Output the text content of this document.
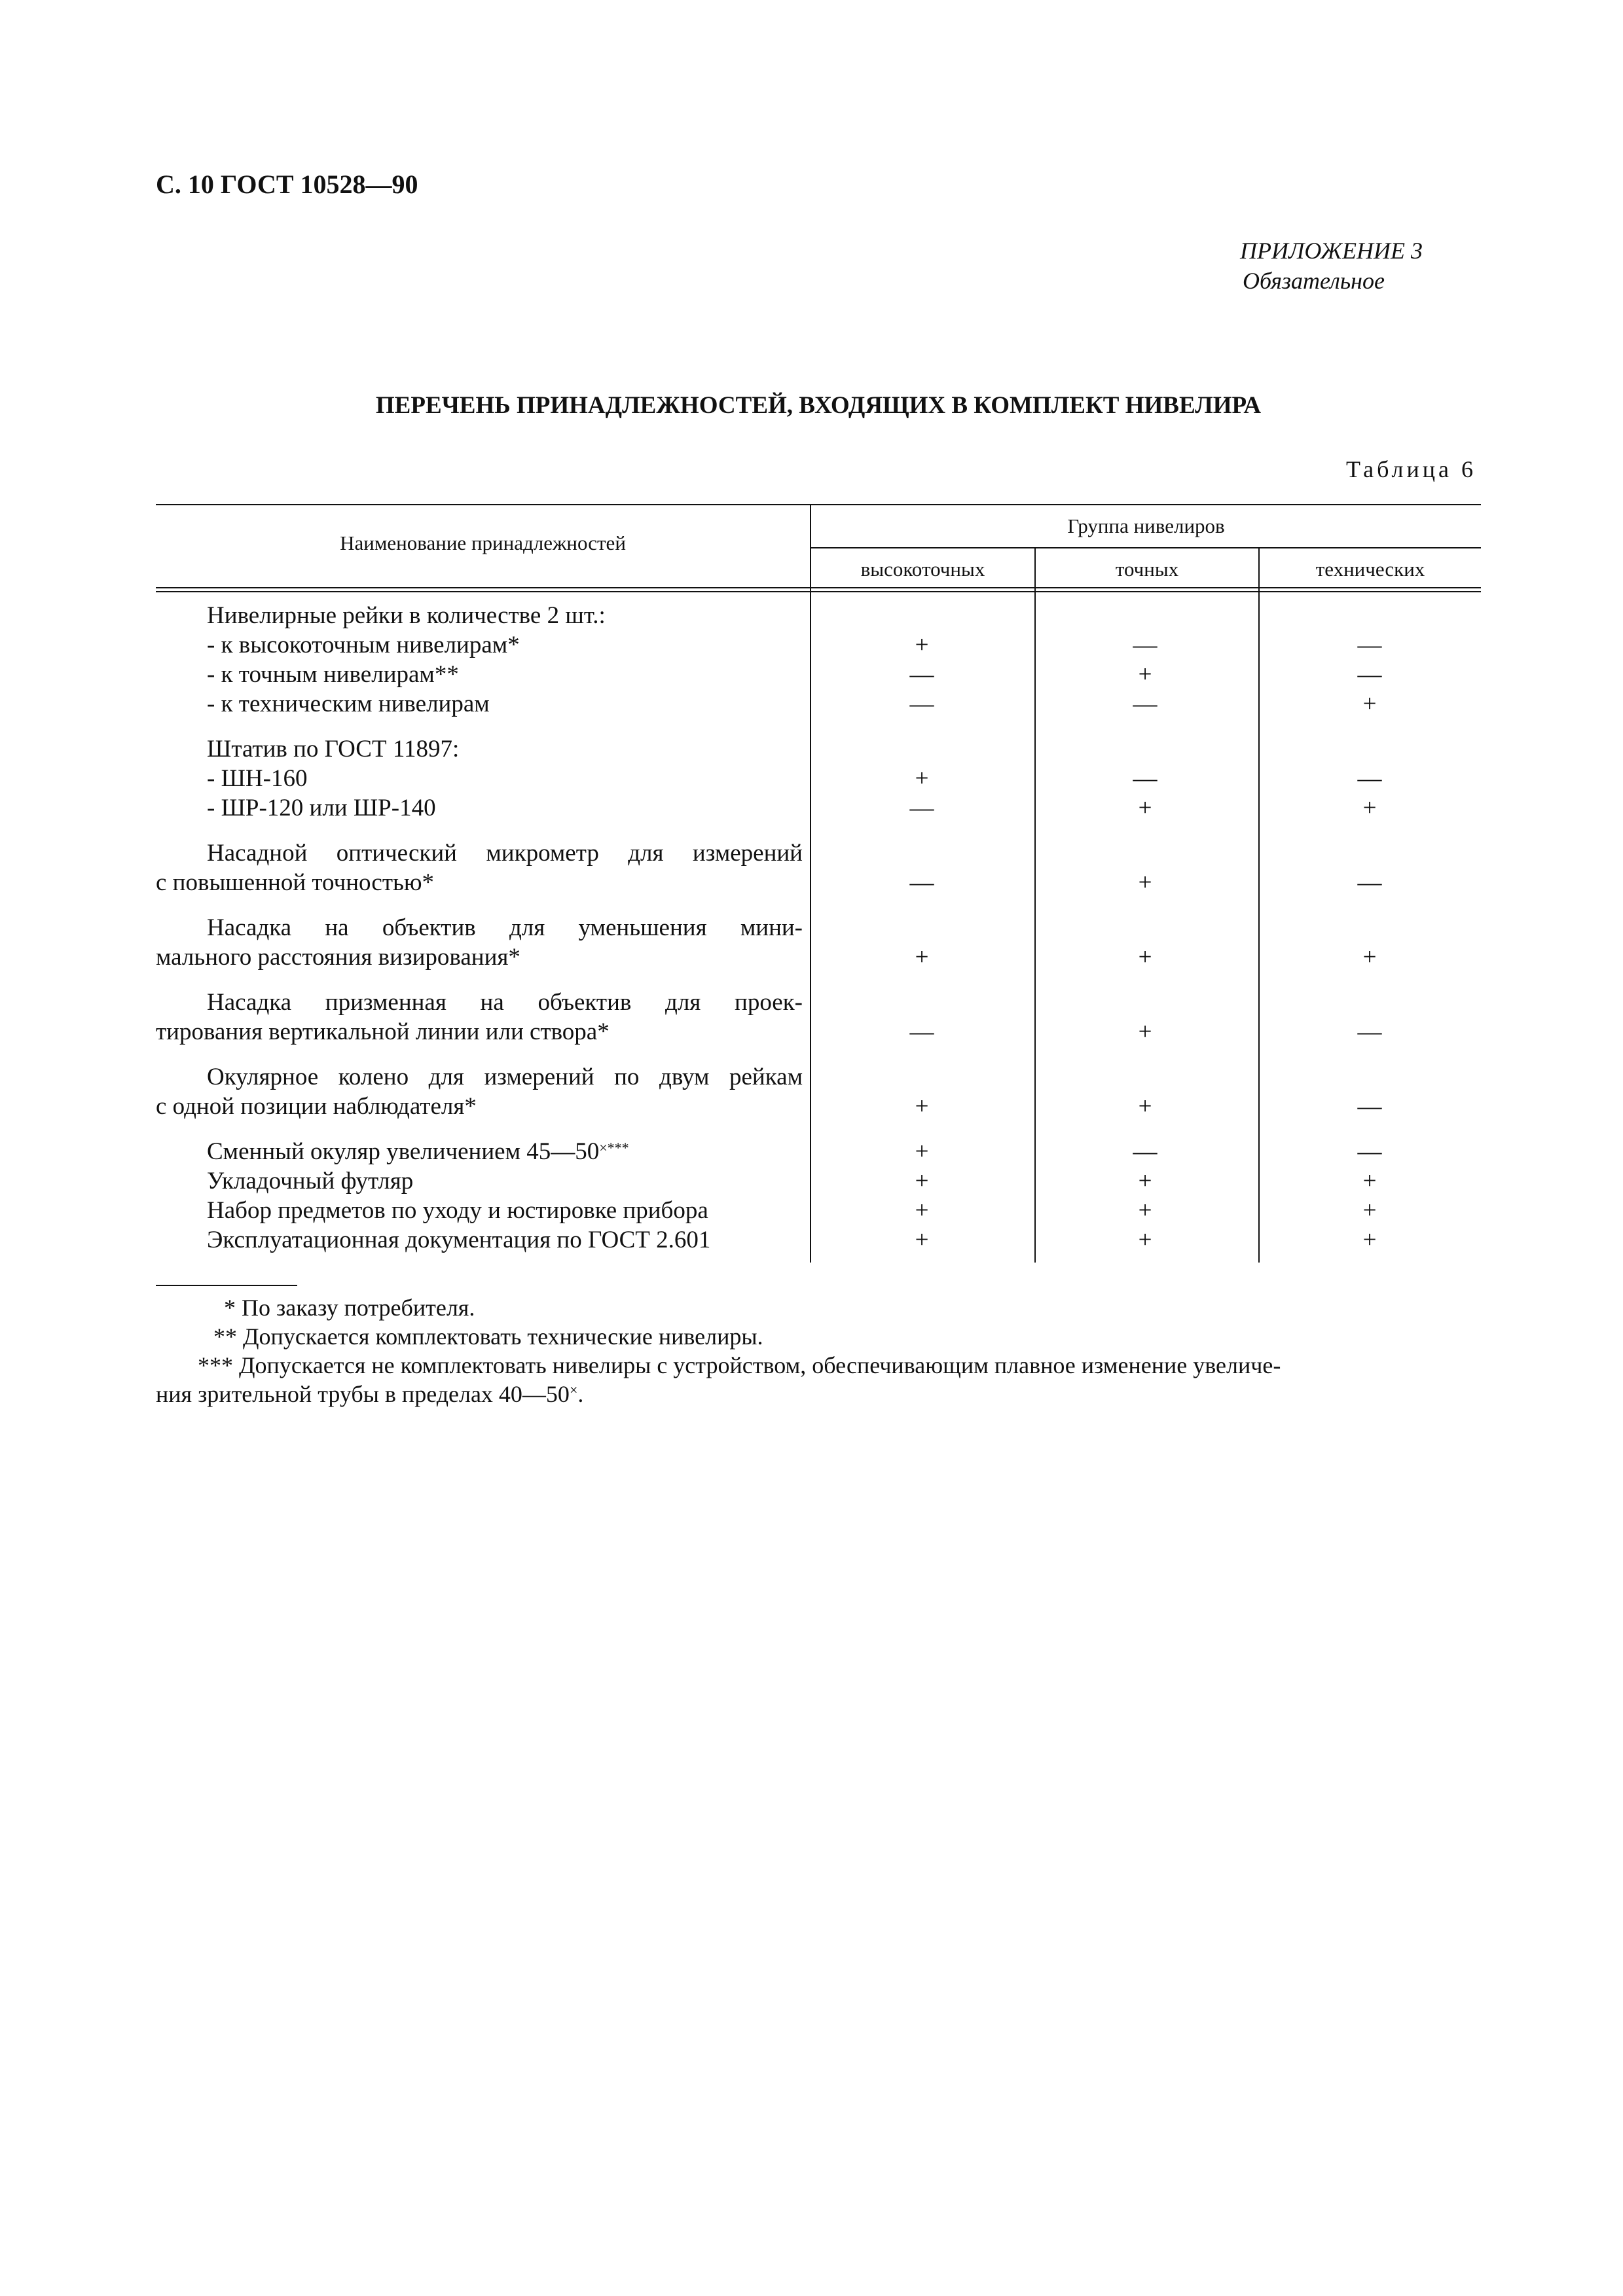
С. 10 ГОСТ 10528—90
ПРИЛОЖЕНИЕ 3
Обязательное
ПЕРЕЧЕНЬ ПРИНАДЛЕЖНОСТЕЙ, ВХОДЯЩИХ В КОМПЛЕКТ НИВЕЛИРА
Таблица 6
Наименование принадлежностей
Группа нивелиров
высокоточных	точных	технических
Нивелирные рейки в количестве 2 шт.:
- к высокоточным нивелирам*	+	—	—
- к точным нивелирам**	—	+	—
- к техническим нивелирам	—	—	+
Штатив по ГОСТ 11897:
- ШН-160	+	—	—
- ШР-120 или ШР-140	—	+	+
Насадной оптический микрометр для измерений
с повышенной точностью*	—	+	—
Насадка на объектив для уменьшения мини-
мального расстояния визирования*	+	+	+
Насадка призменная на объектив для проек-
тирования вертикальной линии или створа*	—	+	—
Окулярное колено для измерений по двум рейкам
с одной позиции наблюдателя*	+	+	—
Сменный окуляр увеличением 45—50×***	+	—	—
Укладочный футляр	+	+	+
Набор предметов по уходу и юстировке прибора	+	+	+
Эксплуатационная документация по ГОСТ 2.601	+	+	+
* По заказу потребителя.
** Допускается комплектовать технические нивелиры.
*** Допускается не комплектовать нивелиры с устройством, обеспечивающим плавное изменение увеличе-
ния зрительной трубы в пределах 40—50×.
